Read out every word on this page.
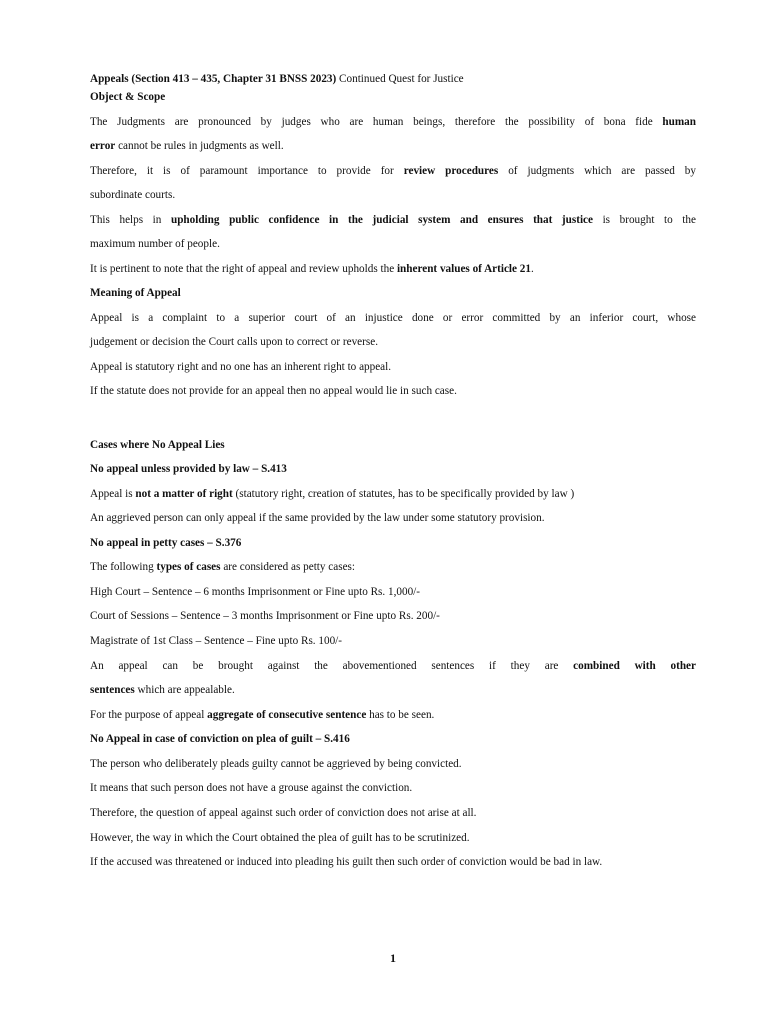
Appeals (Section 413 – 435, Chapter 31 BNSS 2023) Continued Quest for Justice
Object & Scope
The Judgments are pronounced by judges who are human beings, therefore the possibility of bona fide human
error cannot be rules in judgments as well.
Therefore, it is of paramount importance to provide for review procedures of judgments which are passed by
subordinate courts.
This helps in upholding public confidence in the judicial system and ensures that justice is brought to the
maximum number of people.
It is pertinent to note that the right of appeal and review upholds the inherent values of Article 21.
Meaning of Appeal
Appeal is a complaint to a superior court of an injustice done or error committed by an inferior court, whose
judgement or decision the Court calls upon to correct or reverse.
Appeal is statutory right and no one has an inherent right to appeal.
If the statute does not provide for an appeal then no appeal would lie in such case.
Cases where No Appeal Lies
No appeal unless provided by law – S.413
Appeal is not a matter of right (statutory right, creation of statutes, has to be specifically provided by law )
An aggrieved person can only appeal if the same provided by the law under some statutory provision.
No appeal in petty cases – S.376
The following types of cases are considered as petty cases:
High Court – Sentence – 6 months Imprisonment or Fine upto Rs. 1,000/-
Court of Sessions – Sentence – 3 months Imprisonment or Fine upto Rs. 200/-
Magistrate of 1st Class – Sentence – Fine upto Rs. 100/-
An appeal can be brought against the abovementioned sentences if they are combined with other
sentences which are appealable.
For the purpose of appeal aggregate of consecutive sentence has to be seen.
No Appeal in case of conviction on plea of guilt – S.416
The person who deliberately pleads guilty cannot be aggrieved by being convicted.
It means that such person does not have a grouse against the conviction.
Therefore, the question of appeal against such order of conviction does not arise at all.
However, the way in which the Court obtained the plea of guilt has to be scrutinized.
If the accused was threatened or induced into pleading his guilt then such order of conviction would be bad in law.
1
